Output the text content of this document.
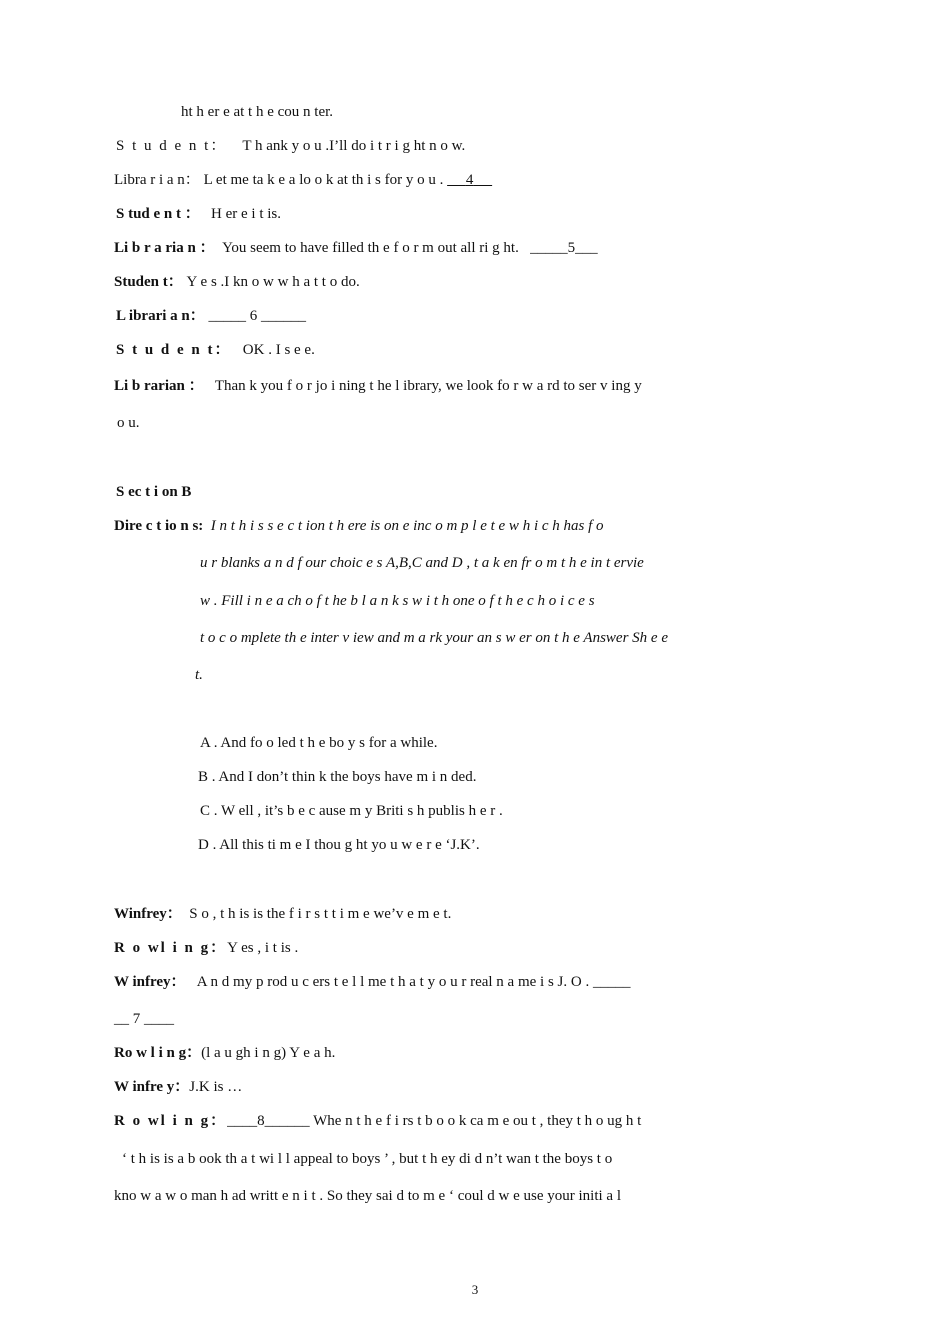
ht h er e at t h e cou n ter.
S t u d e n t： T h ank y o u .I’ll do i t r i g ht n o w.
Libra r i a n： L et me ta k e a lo o k at th i s for y o u . 4
S tud e n t ： H er e i t is.
Li b r a ria n ： You seem to have filled th e f o r m out all ri g ht. _____5___
Studen t： Y e s .I kn o w w h a t t o do.
L ibrari a n： _____ 6 ______
S t u d e n t： OK . I s e e.
Li b rarian ： Than k you f o r jo i ning t he l ibrary, we look fo r w a rd to ser v ing y
o u.
S ec t i on B
Dire c t io n s: I n t h i s s e c t ion t h ere is on e inc o m p l e t e w h i c h has f o
u r blanks a n d f our choic e s A,B,C and D , t a k en fr o m t h e in t ervie
w . Fill i n e a ch o f t he b l a n k s w i t h one o f t h e c h o i c e s
t o c o mplete th e inter v iew and m a rk your an s w er on t h e Answer Sh e e
t.
A . And fo o led t h e bo y s for a while.
B . And I don’t thin k the boys have m i n ded.
C . W ell , it’s b e c ause m y Briti s h publis h e r .
D . All this ti m e I thou g ht yo u w e r e ‘J.K’.
Winfrey： S o , t h is is the f i r s t t i m e we’v e m e t.
R o wl i n g：Y es , i t is .
W infrey： A n d my p rod u c ers t e l l me t h a t y o u r real n a me i s J. O . _____
__ 7 ____
Ro w l i n g：(l a u gh i n g) Y e a h.
W infre y：J.K is …
R o wl i n g：____8______ Whe n t h e f i rs t b o o k ca m e ou t , they t h o ug h t
‘ t h is is a b ook th a t wi l l appeal to boys ’ , but t h ey di d n’t wan t the boys t o
kno w a w o man h ad writt e n i t . So they sai d to m e ‘ coul d w e use your initi a l
3
